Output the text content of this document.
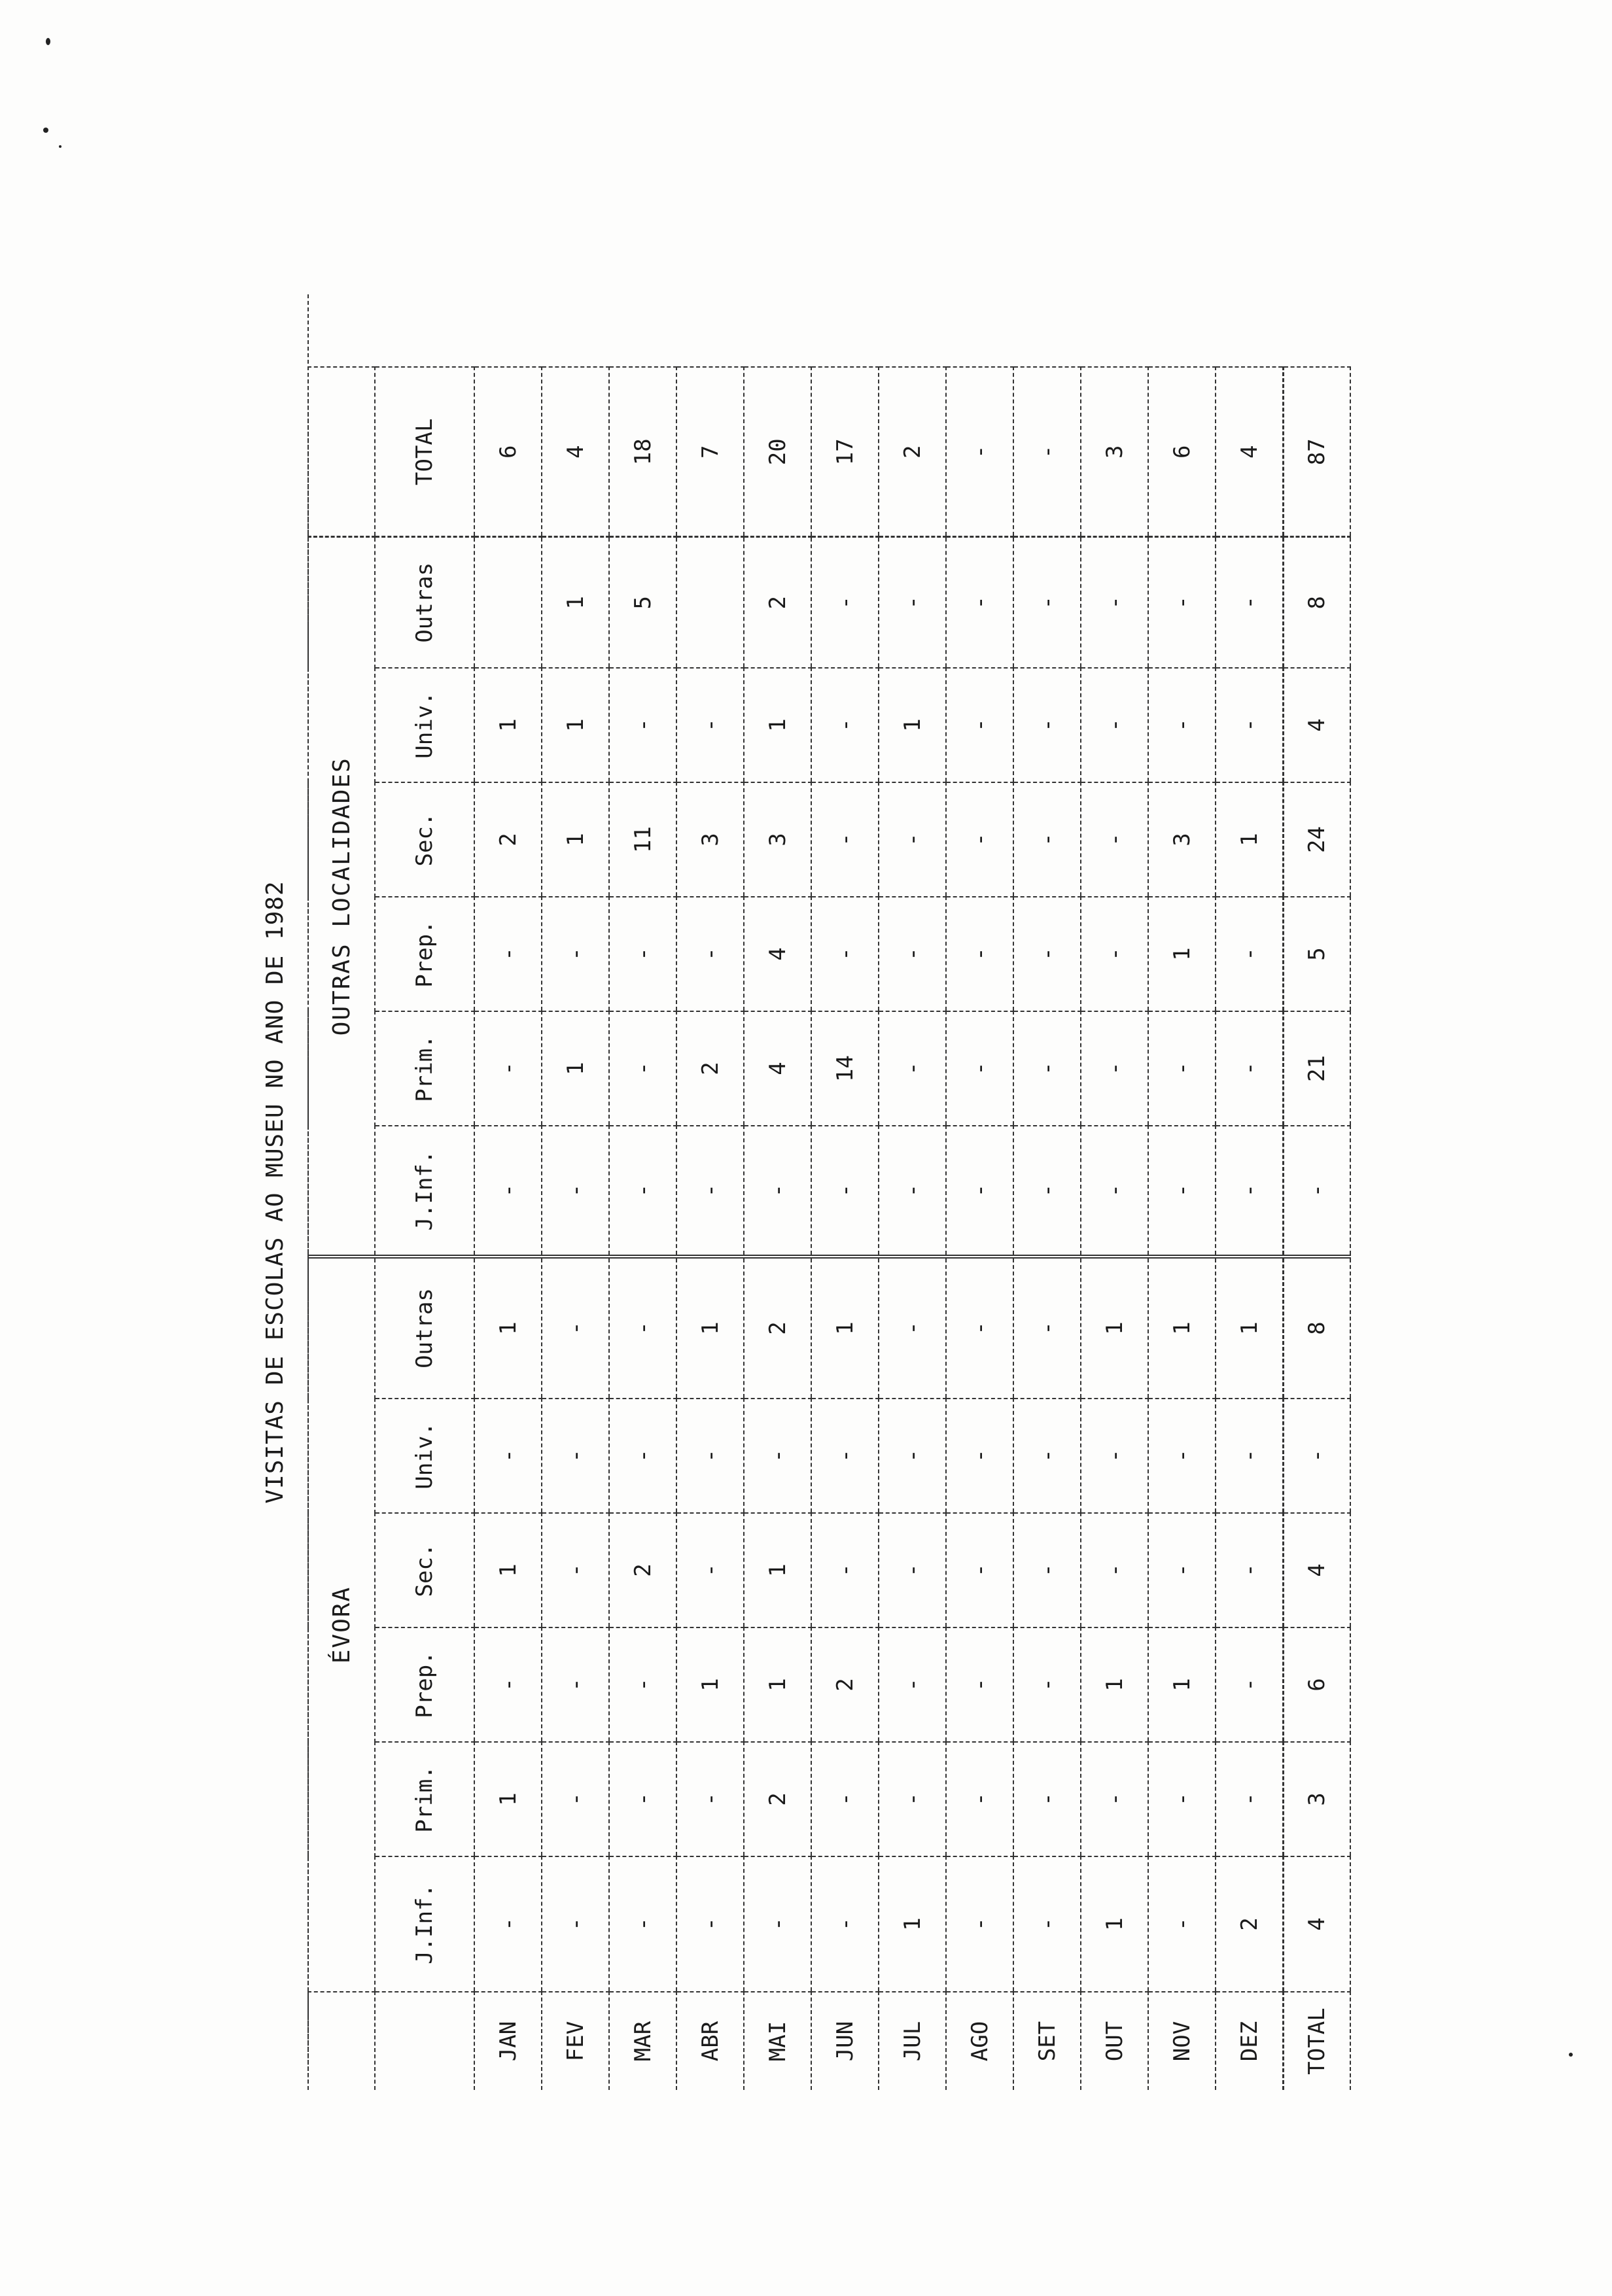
VISITAS DE ESCOLAS AO MUSEU NO ANO DE 1982
	ÉVORA						OUTRAS LOCALIDADES						
	J.Inf.	Prim.	Prep.	Sec.	Univ.	Outras	J.Inf.	Prim.	Prep.	Sec.	Univ.	Outras	TOTAL
JAN	-	1	-	1	-	1	-	-	-	2	1		6
FEV	-	-	-	-	-	-	-	1	-	1	1	1	4
MAR	-	-	-	2	-	-	-	-	-	11	-	5	18
ABR	-	-	1	-	-	1	-	2	-	3	-		7
MAI	-	2	1	1	-	2	-	4	4	3	1	2	20
JUN	-	-	2	-	-	1	-	14	-	-	-	-	17
JUL	1	-	-	-	-	-	-	-	-	-	1	-	2
AGO	-	-	-	-	-	-	-	-	-	-	-	-	-
SET	-	-	-	-	-	-	-	-	-	-	-	-	-
OUT	1	-	1	-	-	1	-	-	-	-	-	-	3
NOV	-	-	1	-	-	1	-	-	1	3	-	-	6
DEZ	2	-	-	-	-	1	-	-	-	1	-	-	4
TOTAL	4	3	6	4	-	8	-	21	5	24	4	8	87
